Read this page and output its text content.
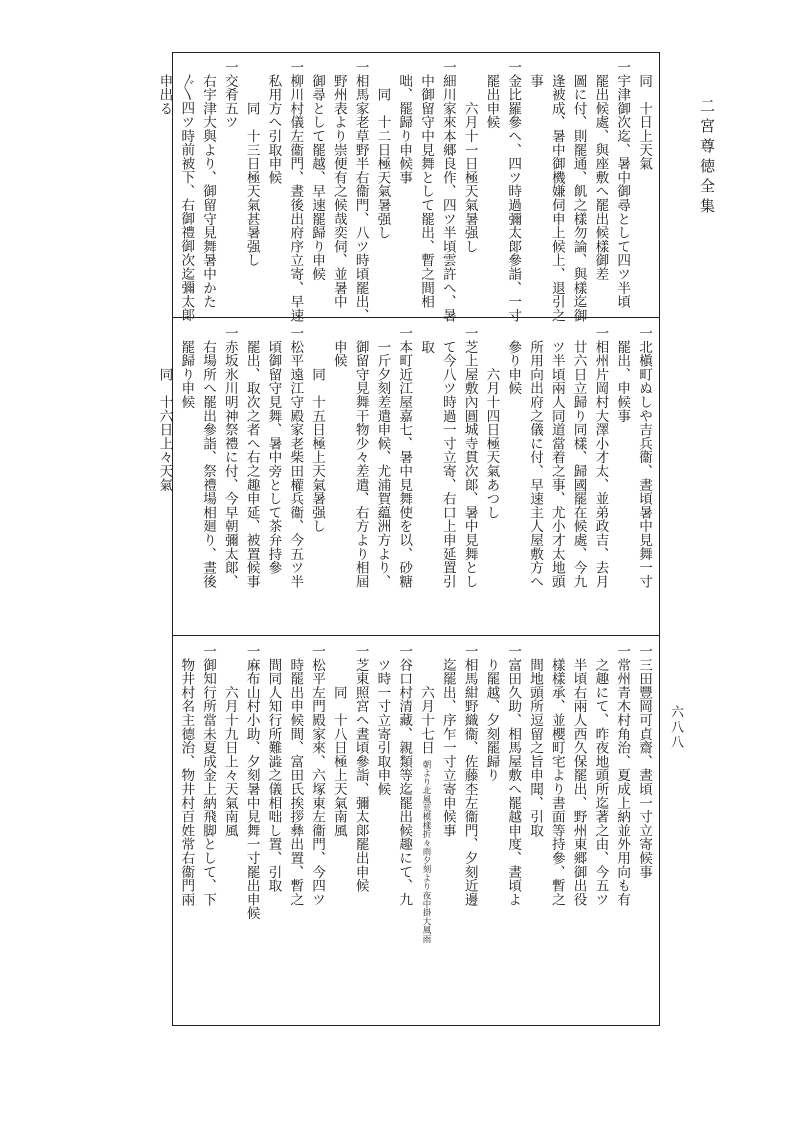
二宮尊徳全集
六八八
　同　十日上天氣
一宇津御次迄、暑中御尋として四ツ半頃
　罷出候處、與座敷へ罷出候樣御差
　圖に付、則罷通、飢之樣勿論、與樣迄御
　逢被成、暑中御機嫌伺申上候上、退引之
　事
一金比羅參へ、四ツ時過彌太郞參詣、一寸
　罷出申候
　　　六月十一日極天氣暑强し
一細川家來本郷良作、四ツ半頃雲許へ、暑
　中御留守中見舞として罷出、暫之間相
　咄、罷歸り申候事
　　同　十二日極天氣暑强し
一相馬家老草野半右衞門、八ツ時頃罷出、
　野州表より崇便有之候哉奕伺、並暑中
　御尋として罷越、早速罷歸り申候
一柳川村儀左衞門、晝後出府序立寄、早速
　私用方へ引取申候
　　　同　十三日極天氣甚暑强し
一交肴五ツ
　右宇津大與より、御留守見舞暑中かた
　〴〵四ツ時前被下、右御禮御次迄彌太郞
　申出る
一北槇町ぬしや吉兵衞、晝頃暑中見舞一寸
　罷出、申候事
一相州片岡村大澤小才太、並弟政吉、去月
　廿六日立歸り同樣、歸國罷在候處、今九
　ツ半頃兩人同道當着之事、尤小才太地頭
　所用向出府之儀に付、早速主人屋敷方へ
　參り申候
　　　六月十四日極天氣あつし
一芝上屋敷內圓城寺貫次郞、暑中見舞とし
　て今八ツ時過一寸立寄、右口上申延置引
　取
一本町近江屋嘉七、暑中見舞使を以、砂糖
　一斤夕刻差遣申候、尤浦賀藴洲方より、
　御留守見舞干物少々差遣、右方より相屆
　申候
　　　同　十五日極上天氣暑强し
一松平遠江守殿家老柴田權兵衞、今五ツ半
　頃御留守見舞、暑中旁として茶弁持參
　罷出、取次之者へ右之趣申延、被置候事
一赤坂氷川明神祭禮に付、今早朝彌太郞、
　右場所へ罷出參詣、祭禮場相廻り、晝後
　罷歸り申候
　　　同　十六日上々天氣
一三田豐岡可貞齋、晝頃一寸立寄候事
一常州青木村角治、夏成上納並外用向も有
　之趣にて、昨夜地頭所迄著之由、今五ツ
　半頃右兩人西久保罷出、野州東郷御出役
　樣樣承、並櫻町宅より書面等持參、暫之
　間地頭所逗留之旨申聞、引取
一富田久助、相馬屋敷へ罷越申度、晝頃よ
　り罷越、夕刻罷歸り
一相馬紺野織衞、佐藤杢左衞門、夕刻近邊
　迄罷出、序乍一寸立寄申候事
　　　六月十七日朝より北風荒模樣折々雨夕刻より夜中掛大風雨
一谷口村清藏、親類等迄罷出候趣にて、九
　ツ時一寸立寄引取申候
一芝東照宮へ晝頃參詣、彌太郞罷出申候
　　　同　十八日極上天氣南風
一松平左門殿家來、六塚東左衞門、今四ツ
　時罷出申候間、富田氏挨拶彝出置、暫之
　間同人知行所難澁之儀相咄し置、引取
一麻布山村小助、夕刻暑中見舞一寸罷出申候
　　　六月十九日上々天氣南風
一御知行所當未夏成金上納飛脚として、下
　物井村名主德治、物井村百姓常右衞門兩
